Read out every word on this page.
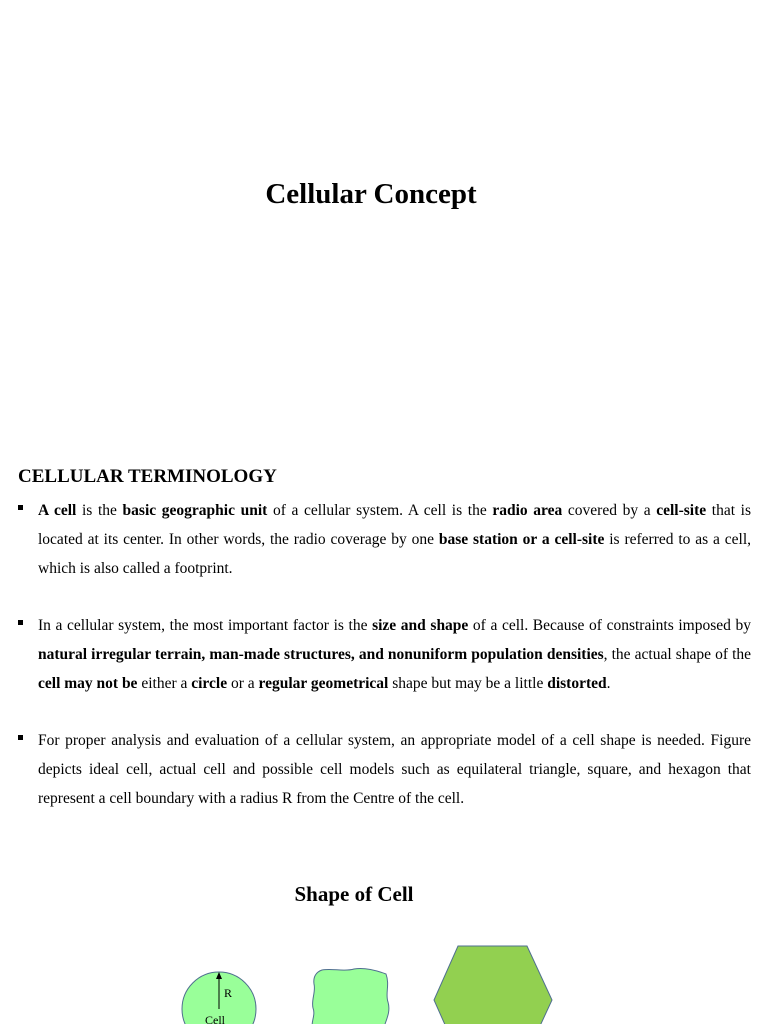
Cellular Concept
CELLULAR TERMINOLOGY

A cell is the basic geographic unit of a cellular system. A cell is the radio area covered by a cell-site that is located at its center. In other words, the radio coverage by one base station or a cell-site is referred to as a cell, which is also called a footprint.

In a cellular system, the most important factor is the size and shape of a cell. Because of constraints imposed by natural irregular terrain, man-made structures, and nonuniform population densities, the actual shape of the cell may not be either a circle or a regular geometrical shape but may be a little distorted.

For proper analysis and evaluation of a cellular system, an appropriate model of a cell shape is needed. Figure depicts ideal cell, actual cell and possible cell models such as equilateral triangle, square, and hexagon that represent a cell boundary with a radius R from the Centre of the cell.

Shape of Cell
R
Cell
